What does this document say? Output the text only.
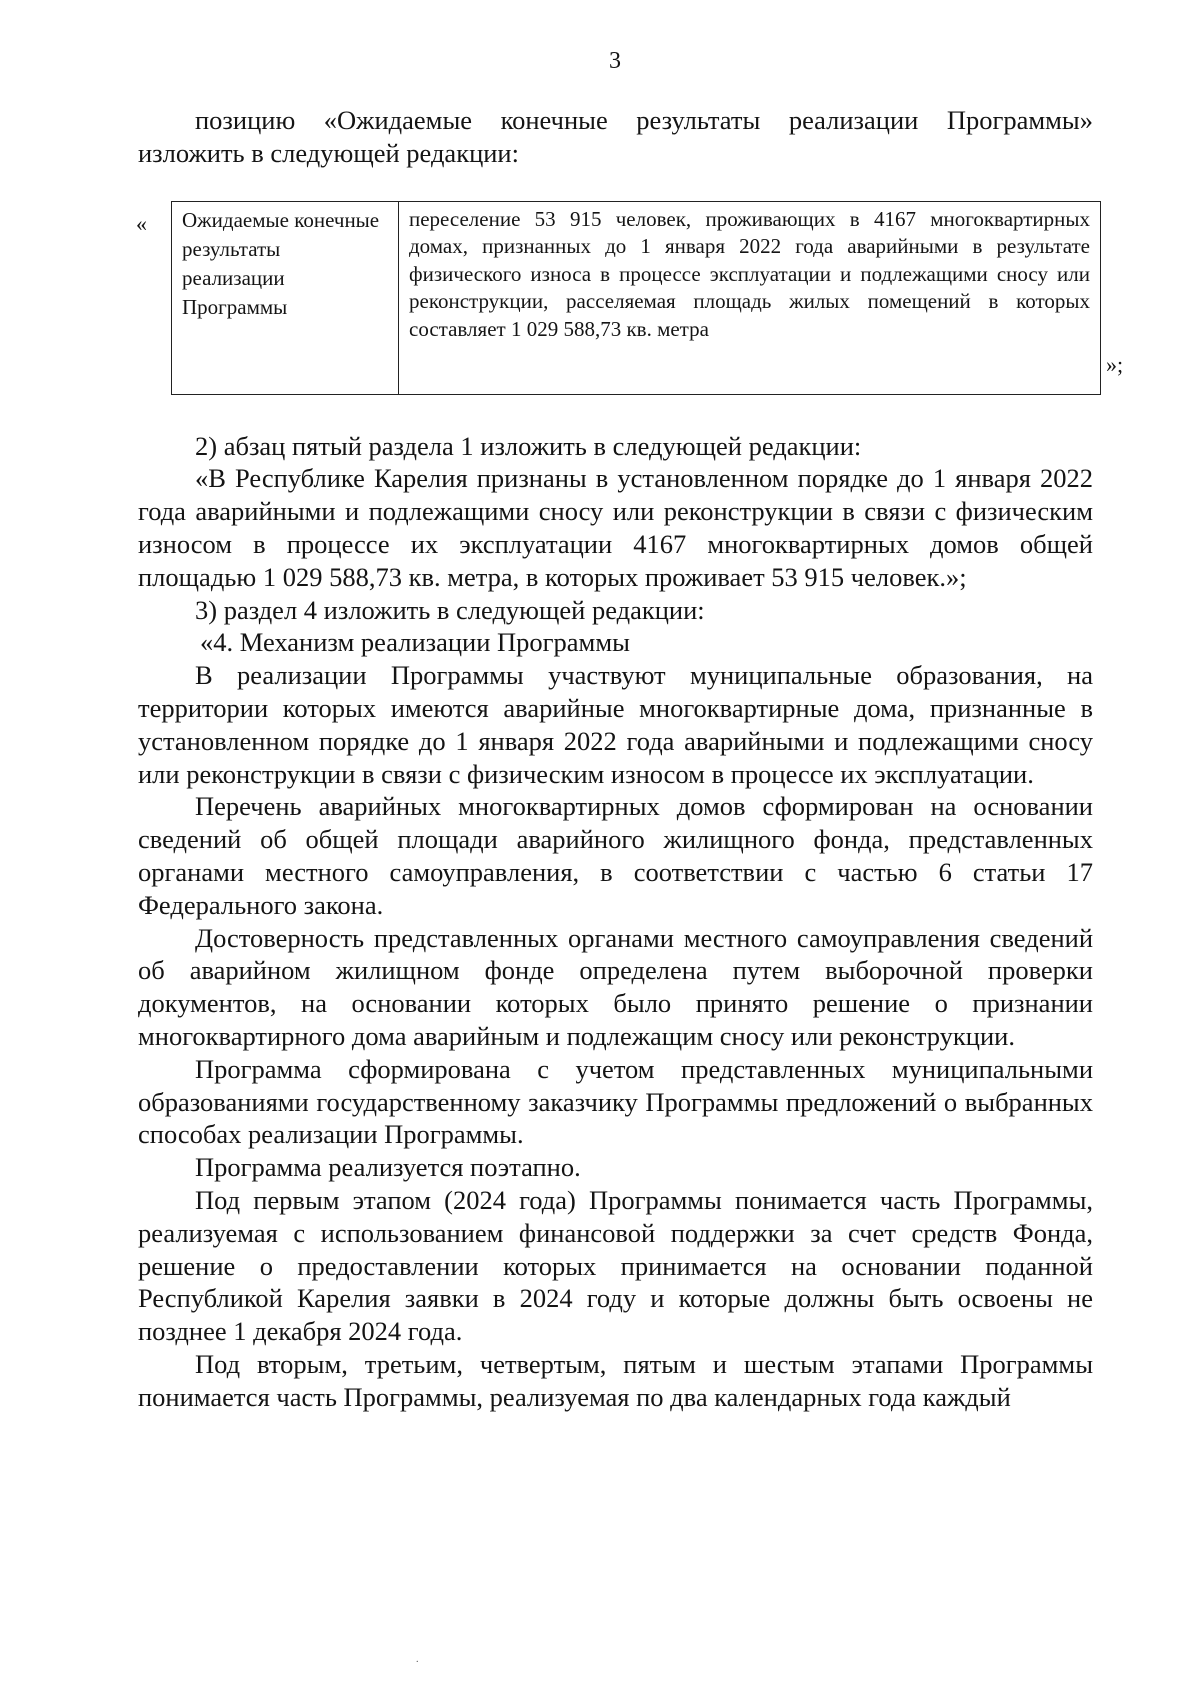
3

позицию «Ожидаемые конечные результаты реализации Программы» изложить в следующей редакции:

« Ожидаемые конечные результаты реализации Программы	переселение 53 915 человек, проживающих в 4167 многоквартирных домах, признанных до 1 января 2022 года аварийными в результате физического износа в процессе эксплуатации и подлежащими сносу или реконструкции, расселяемая площадь жилых помещений в которых составляет 1 029 588,73 кв. метра
»;

2) абзац пятый раздела 1 изложить в следующей редакции:

«В Республике Карелия признаны в установленном порядке до 1 января 2022 года аварийными и подлежащими сносу или реконструкции в связи с физическим износом в процессе их эксплуатации 4167 многоквартирных домов общей площадью 1 029 588,73 кв. метра, в которых проживает 53 915 человек.»;

3) раздел 4 изложить в следующей редакции:

«4. Механизм реализации Программы

В реализации Программы участвуют муниципальные образования, на территории которых имеются аварийные многоквартирные дома, признанные в установленном порядке до 1 января 2022 года аварийными и подлежащими сносу или реконструкции в связи с физическим износом в процессе их эксплуатации.

Перечень аварийных многоквартирных домов сформирован на основании сведений об общей площади аварийного жилищного фонда, представленных органами местного самоуправления, в соответствии с частью 6 статьи 17 Федерального закона.

Достоверность представленных органами местного самоуправления сведений об аварийном жилищном фонде определена путем выборочной проверки документов, на основании которых было принято решение о признании многоквартирного дома аварийным и подлежащим сносу или реконструкции.

Программа сформирована с учетом представленных муниципальными образованиями государственному заказчику Программы предложений о выбранных способах реализации Программы.

Программа реализуется поэтапно.

Под первым этапом (2024 года) Программы понимается часть Программы, реализуемая с использованием финансовой поддержки за счет средств Фонда, решение о предоставлении которых принимается на основании поданной Республикой Карелия заявки в 2024 году и которые должны быть освоены не позднее 1 декабря 2024 года.

Под вторым, третьим, четвертым, пятым и шестым этапами Программы понимается часть Программы, реализуемая по два календарных года каждый

.
